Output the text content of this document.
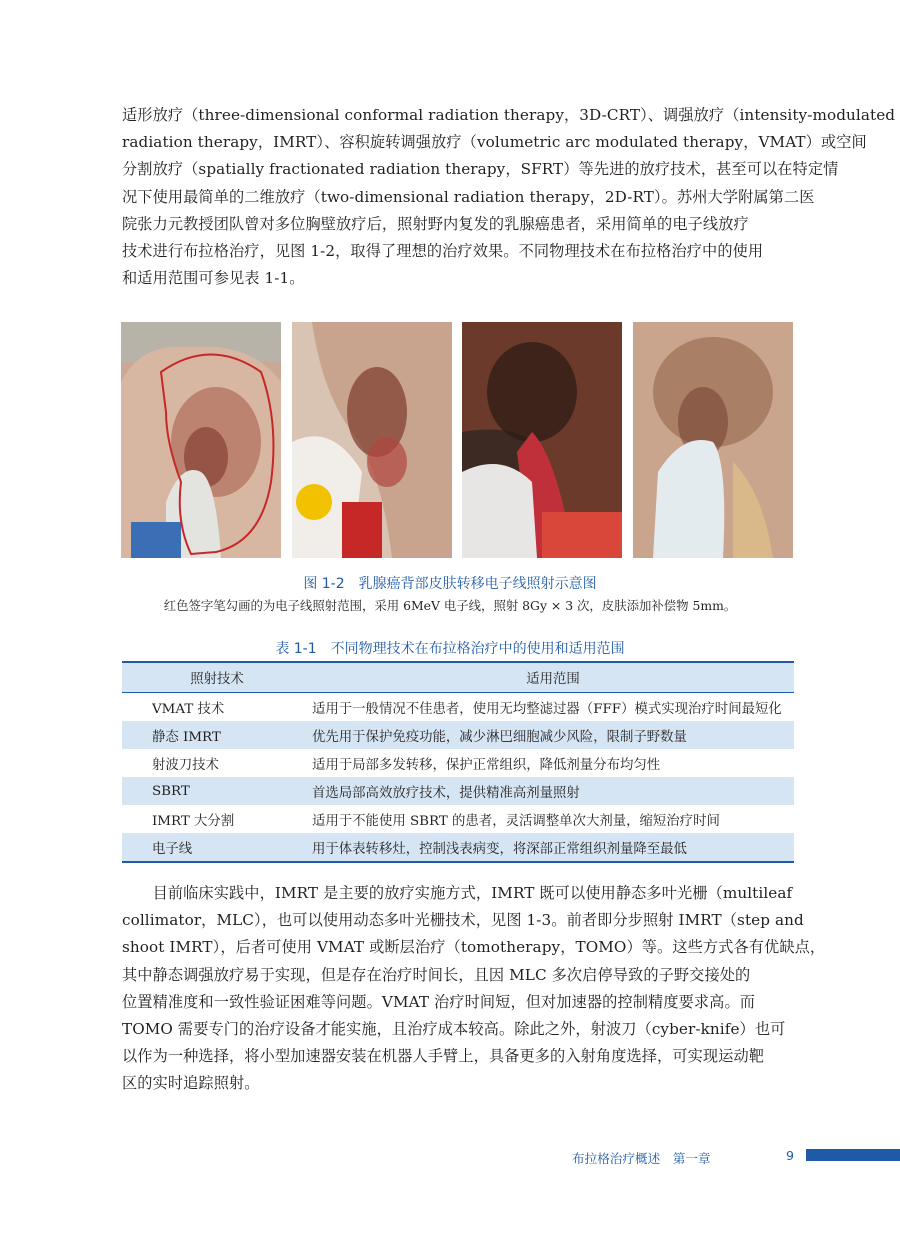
适形放疗（three-dimensional conformal radiation therapy，3D-CRT）、调强放疗（intensity-modulated
radiation therapy，IMRT）、容积旋转调强放疗（volumetric arc modulated therapy，VMAT）或空间
分割放疗（spatially fractionated radiation therapy，SFRT）等先进的放疗技术，甚至可以在特定情
况下使用最简单的二维放疗（two-dimensional radiation therapy，2D-RT）。苏州大学附属第二医
院张力元教授团队曾对多位胸壁放疗后，照射野内复发的乳腺癌患者，采用简单的电子线放疗
技术进行布拉格治疗，见图 1-2，取得了理想的治疗效果。不同物理技术在布拉格治疗中的使用
和适用范围可参见表 1-1。

图 1-2　乳腺癌背部皮肤转移电子线照射示意图

红色签字笔勾画的为电子线照射范围，采用 6MeV 电子线，照射 8Gy × 3 次，皮肤添加补偿物 5mm。

表 1-1　不同物理技术在布拉格治疗中的使用和适用范围

照射技术	适用范围
VMAT 技术	适用于一般情况不佳患者，使用无均整滤过器（FFF）模式实现治疗时间最短化
静态 IMRT	优先用于保护免疫功能，减少淋巴细胞减少风险，限制子野数量
射波刀技术	适用于局部多发转移，保护正常组织，降低剂量分布均匀性
SBRT	首选局部高效放疗技术，提供精准高剂量照射
IMRT 大分割	适用于不能使用 SBRT 的患者，灵活调整单次大剂量，缩短治疗时间
电子线	用于体表转移灶，控制浅表病变，将深部正常组织剂量降至最低
　　目前临床实践中，IMRT 是主要的放疗实施方式，IMRT 既可以使用静态多叶光栅（multileaf
collimator，MLC），也可以使用动态多叶光栅技术，见图 1-3。前者即分步照射 IMRT（step and
shoot IMRT），后者可使用 VMAT 或断层治疗（tomotherapy，TOMO）等。这些方式各有优缺点，
其中静态调强放疗易于实现，但是存在治疗时间长，且因 MLC 多次启停导致的子野交接处的
位置精准度和一致性验证困难等问题。VMAT 治疗时间短，但对加速器的控制精度要求高。而
TOMO 需要专门的治疗设备才能实施，且治疗成本较高。除此之外，射波刀（cyber-knife）也可
以作为一种选择，将小型加速器安装在机器人手臂上，具备更多的入射角度选择，可实现运动靶
区的实时追踪照射。

布拉格治疗概述　第一章	9
